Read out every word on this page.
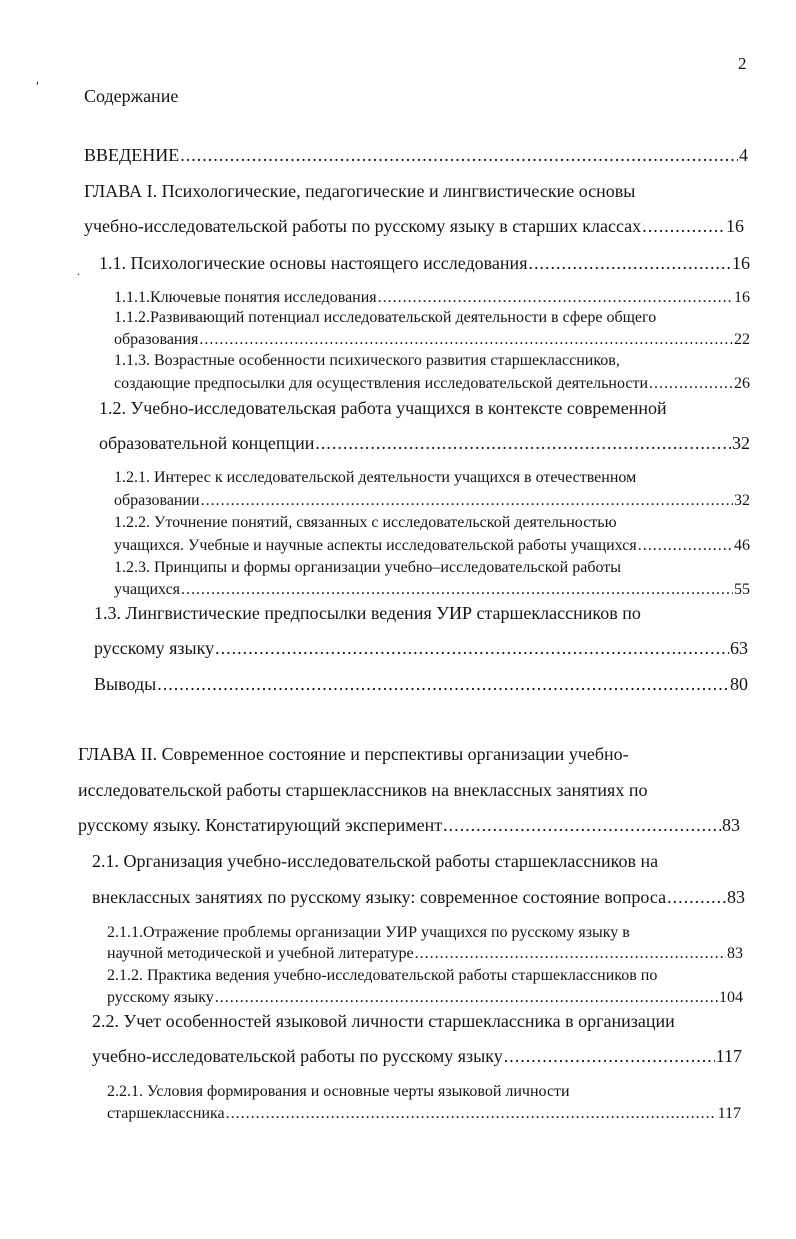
2
′ Содержание
.
ВВЕДЕНИЕ .....	4
ГЛАВА I. Психологические, педагогические и лингвистические основы
учебно-исследовательской работы по русскому языку в старших классах .....	16
1.1. Психологические основы настоящего исследования .....	16
1.1.1.Ключевые понятия исследования .....	16
1.1.2.Развивающий потенциал исследовательской деятельности в сфере общего
образования .....	22
1.1.3. Возрастные особенности психического развития старшеклассников,
создающие предпосылки для осуществления исследовательской деятельности .....	26
1.2. Учебно-исследовательская работа учащихся в контексте современной
образовательной концепции .....	32
1.2.1. Интерес к исследовательской деятельности учащихся в отечественном
образовании .....	32
1.2.2. Уточнение понятий, связанных с исследовательской деятельностью
учащихся. Учебные и научные аспекты исследовательской работы учащихся .....	46
1.2.3. Принципы и формы организации учебно–исследовательской работы
учащихся .....	55
1.3. Лингвистические предпосылки ведения УИР старшеклассников по
русскому языку .....	63
Выводы .....	80
ГЛАВА II. Современное состояние и перспективы организации учебно-
исследовательской работы старшеклассников на внеклассных занятиях по
русскому языку. Констатирующий эксперимент .....	83
2.1. Организация учебно-исследовательской работы старшеклассников на
внеклассных занятиях по русскому языку: современное состояние вопроса .....	83
2.1.1.Отражение проблемы организации УИР учащихся по русскому языку в
научной методической и учебной литературе .....	83
2.1.2. Практика ведения учебно-исследовательской работы старшеклассников по
русскому языку .....	104
2.2. Учет особенностей языковой личности старшеклассника в организации
учебно-исследовательской работы по русскому языку .....	117
2.2.1. Условия формирования и основные черты языковой личности
старшеклассника .....	117
